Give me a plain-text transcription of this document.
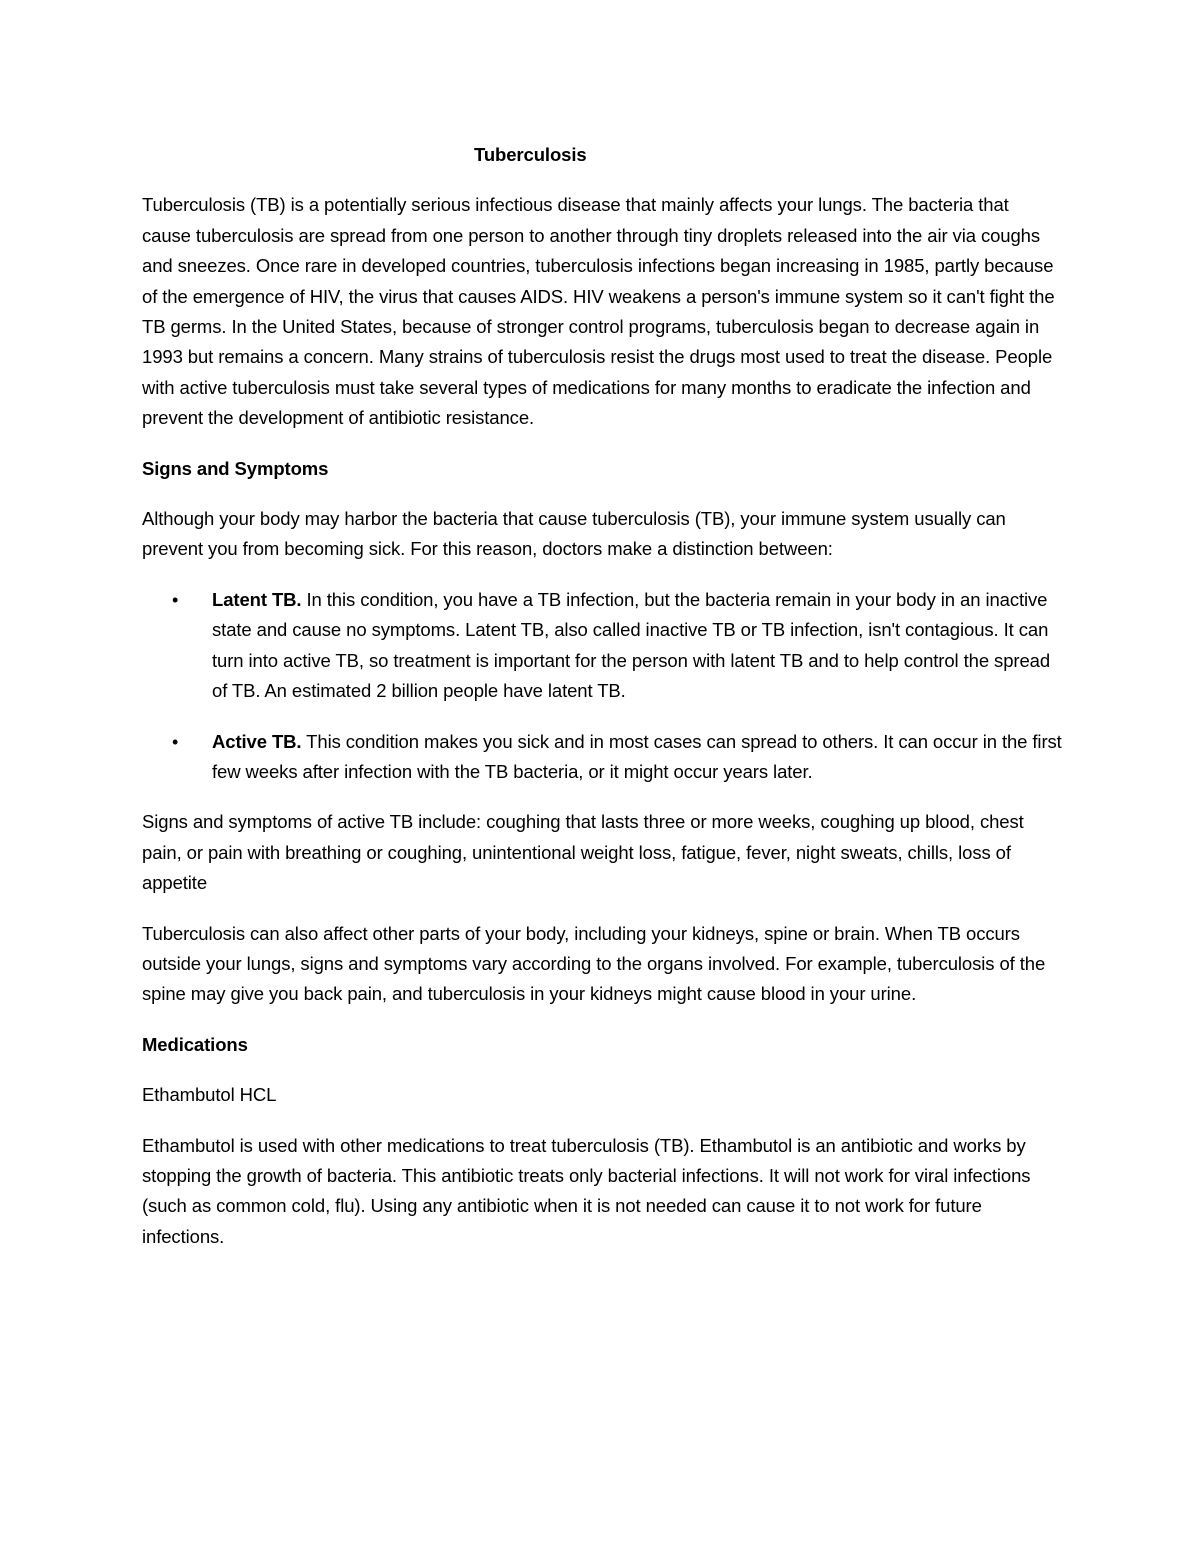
Tuberculosis

Tuberculosis (TB) is a potentially serious infectious disease that mainly affects your lungs. The bacteria that cause tuberculosis are spread from one person to another through tiny droplets released into the air via coughs and sneezes. Once rare in developed countries, tuberculosis infections began increasing in 1985, partly because of the emergence of HIV, the virus that causes AIDS. HIV weakens a person's immune system so it can't fight the TB germs. In the United States, because of stronger control programs, tuberculosis began to decrease again in 1993 but remains a concern. Many strains of tuberculosis resist the drugs most used to treat the disease. People with active tuberculosis must take several types of medications for many months to eradicate the infection and prevent the development of antibiotic resistance.

Signs and Symptoms

Although your body may harbor the bacteria that cause tuberculosis (TB), your immune system usually can prevent you from becoming sick. For this reason, doctors make a distinction between:

• Latent TB. In this condition, you have a TB infection, but the bacteria remain in your body in an inactive state and cause no symptoms. Latent TB, also called inactive TB or TB infection, isn't contagious. It can turn into active TB, so treatment is important for the person with latent TB and to help control the spread of TB. An estimated 2 billion people have latent TB.
• Active TB. This condition makes you sick and in most cases can spread to others. It can occur in the first few weeks after infection with the TB bacteria, or it might occur years later.

Signs and symptoms of active TB include: coughing that lasts three or more weeks, coughing up blood, chest pain, or pain with breathing or coughing, unintentional weight loss, fatigue, fever, night sweats, chills, loss of appetite

Tuberculosis can also affect other parts of your body, including your kidneys, spine or brain. When TB occurs outside your lungs, signs and symptoms vary according to the organs involved. For example, tuberculosis of the spine may give you back pain, and tuberculosis in your kidneys might cause blood in your urine.

Medications

Ethambutol HCL

Ethambutol is used with other medications to treat tuberculosis (TB). Ethambutol is an antibiotic and works by stopping the growth of bacteria. This antibiotic treats only bacterial infections. It will not work for viral infections (such as common cold, flu). Using any antibiotic when it is not needed can cause it to not work for future infections.
